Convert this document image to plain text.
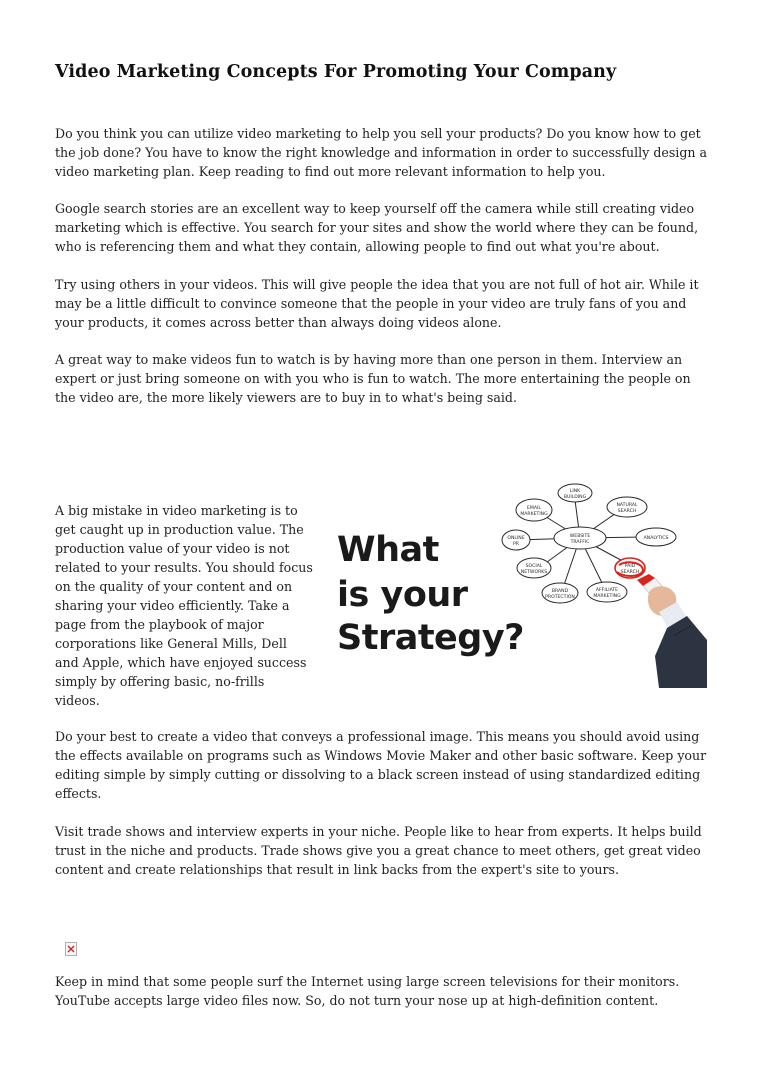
Video Marketing Concepts For Promoting Your Company

Do you think you can utilize video marketing to help you sell your products? Do you know how to get the job done? You have to know the right knowledge and information in order to successfully design a video marketing plan. Keep reading to find out more relevant information to help you.

Google search stories are an excellent way to keep yourself off the camera while still creating video marketing which is effective. You search for your sites and show the world where they can be found, who is referencing them and what they contain, allowing people to find out what you're about.

Try using others in your videos. This will give people the idea that you are not full of hot air. While it may be a little difficult to convince someone that the people in your video are truly fans of you and your products, it comes across better than always doing videos alone.

A great way to make videos fun to watch is by having more than one person in them. Interview an expert or just bring someone on with you who is fun to watch. The more entertaining the people on the video are, the more likely viewers are to buy in to what's being said.

A big mistake in video marketing is to get caught up in production value. The production value of your video is not related to your results. You should focus on the quality of your content and on sharing your video efficiently. Take a page from the playbook of major corporations like General Mills, Dell and Apple, which have enjoyed success simply by offering basic, no-frills videos.

Do your best to create a video that conveys a professional image. This means you should avoid using the effects available on programs such as Windows Movie Maker and other basic software. Keep your editing simple by simply cutting or dissolving to a black screen instead of using standardized editing effects.

Visit trade shows and interview experts in your niche. People like to hear from experts. It helps build trust in the niche and products. Trade shows give you a great chance to meet others, get great video content and create relationships that result in link backs from the expert's site to yours.

Keep in mind that some people surf the Internet using large screen televisions for their monitors. YouTube accepts large video files now. So, do not turn your nose up at high-definition content.

What
is your
Strategy?
WEBSITE
TRAFFIC
LINK
BUILDING
NATURAL
SEARCH
ANALYTICS
PAID
SEARCH
AFFILIATE
MARKETING
BRAND
PROTECTION
SOCIAL
NETWORKS
ONLINE
PR
EMAIL
MARKETING
